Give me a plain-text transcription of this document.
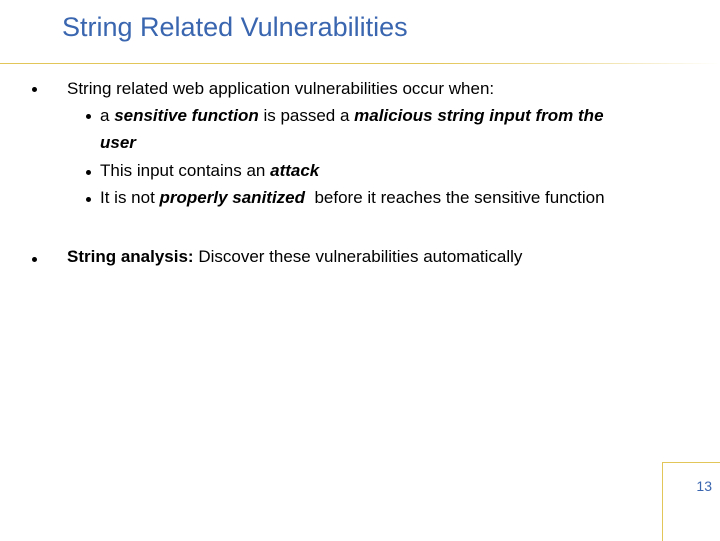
String Related Vulnerabilities
String related web application vulnerabilities occur when:
a sensitive function is passed a malicious string input from the
user
This input contains an attack
It is not properly sanitized  before it reaches the sensitive function
String analysis: Discover these vulnerabilities automatically
13
